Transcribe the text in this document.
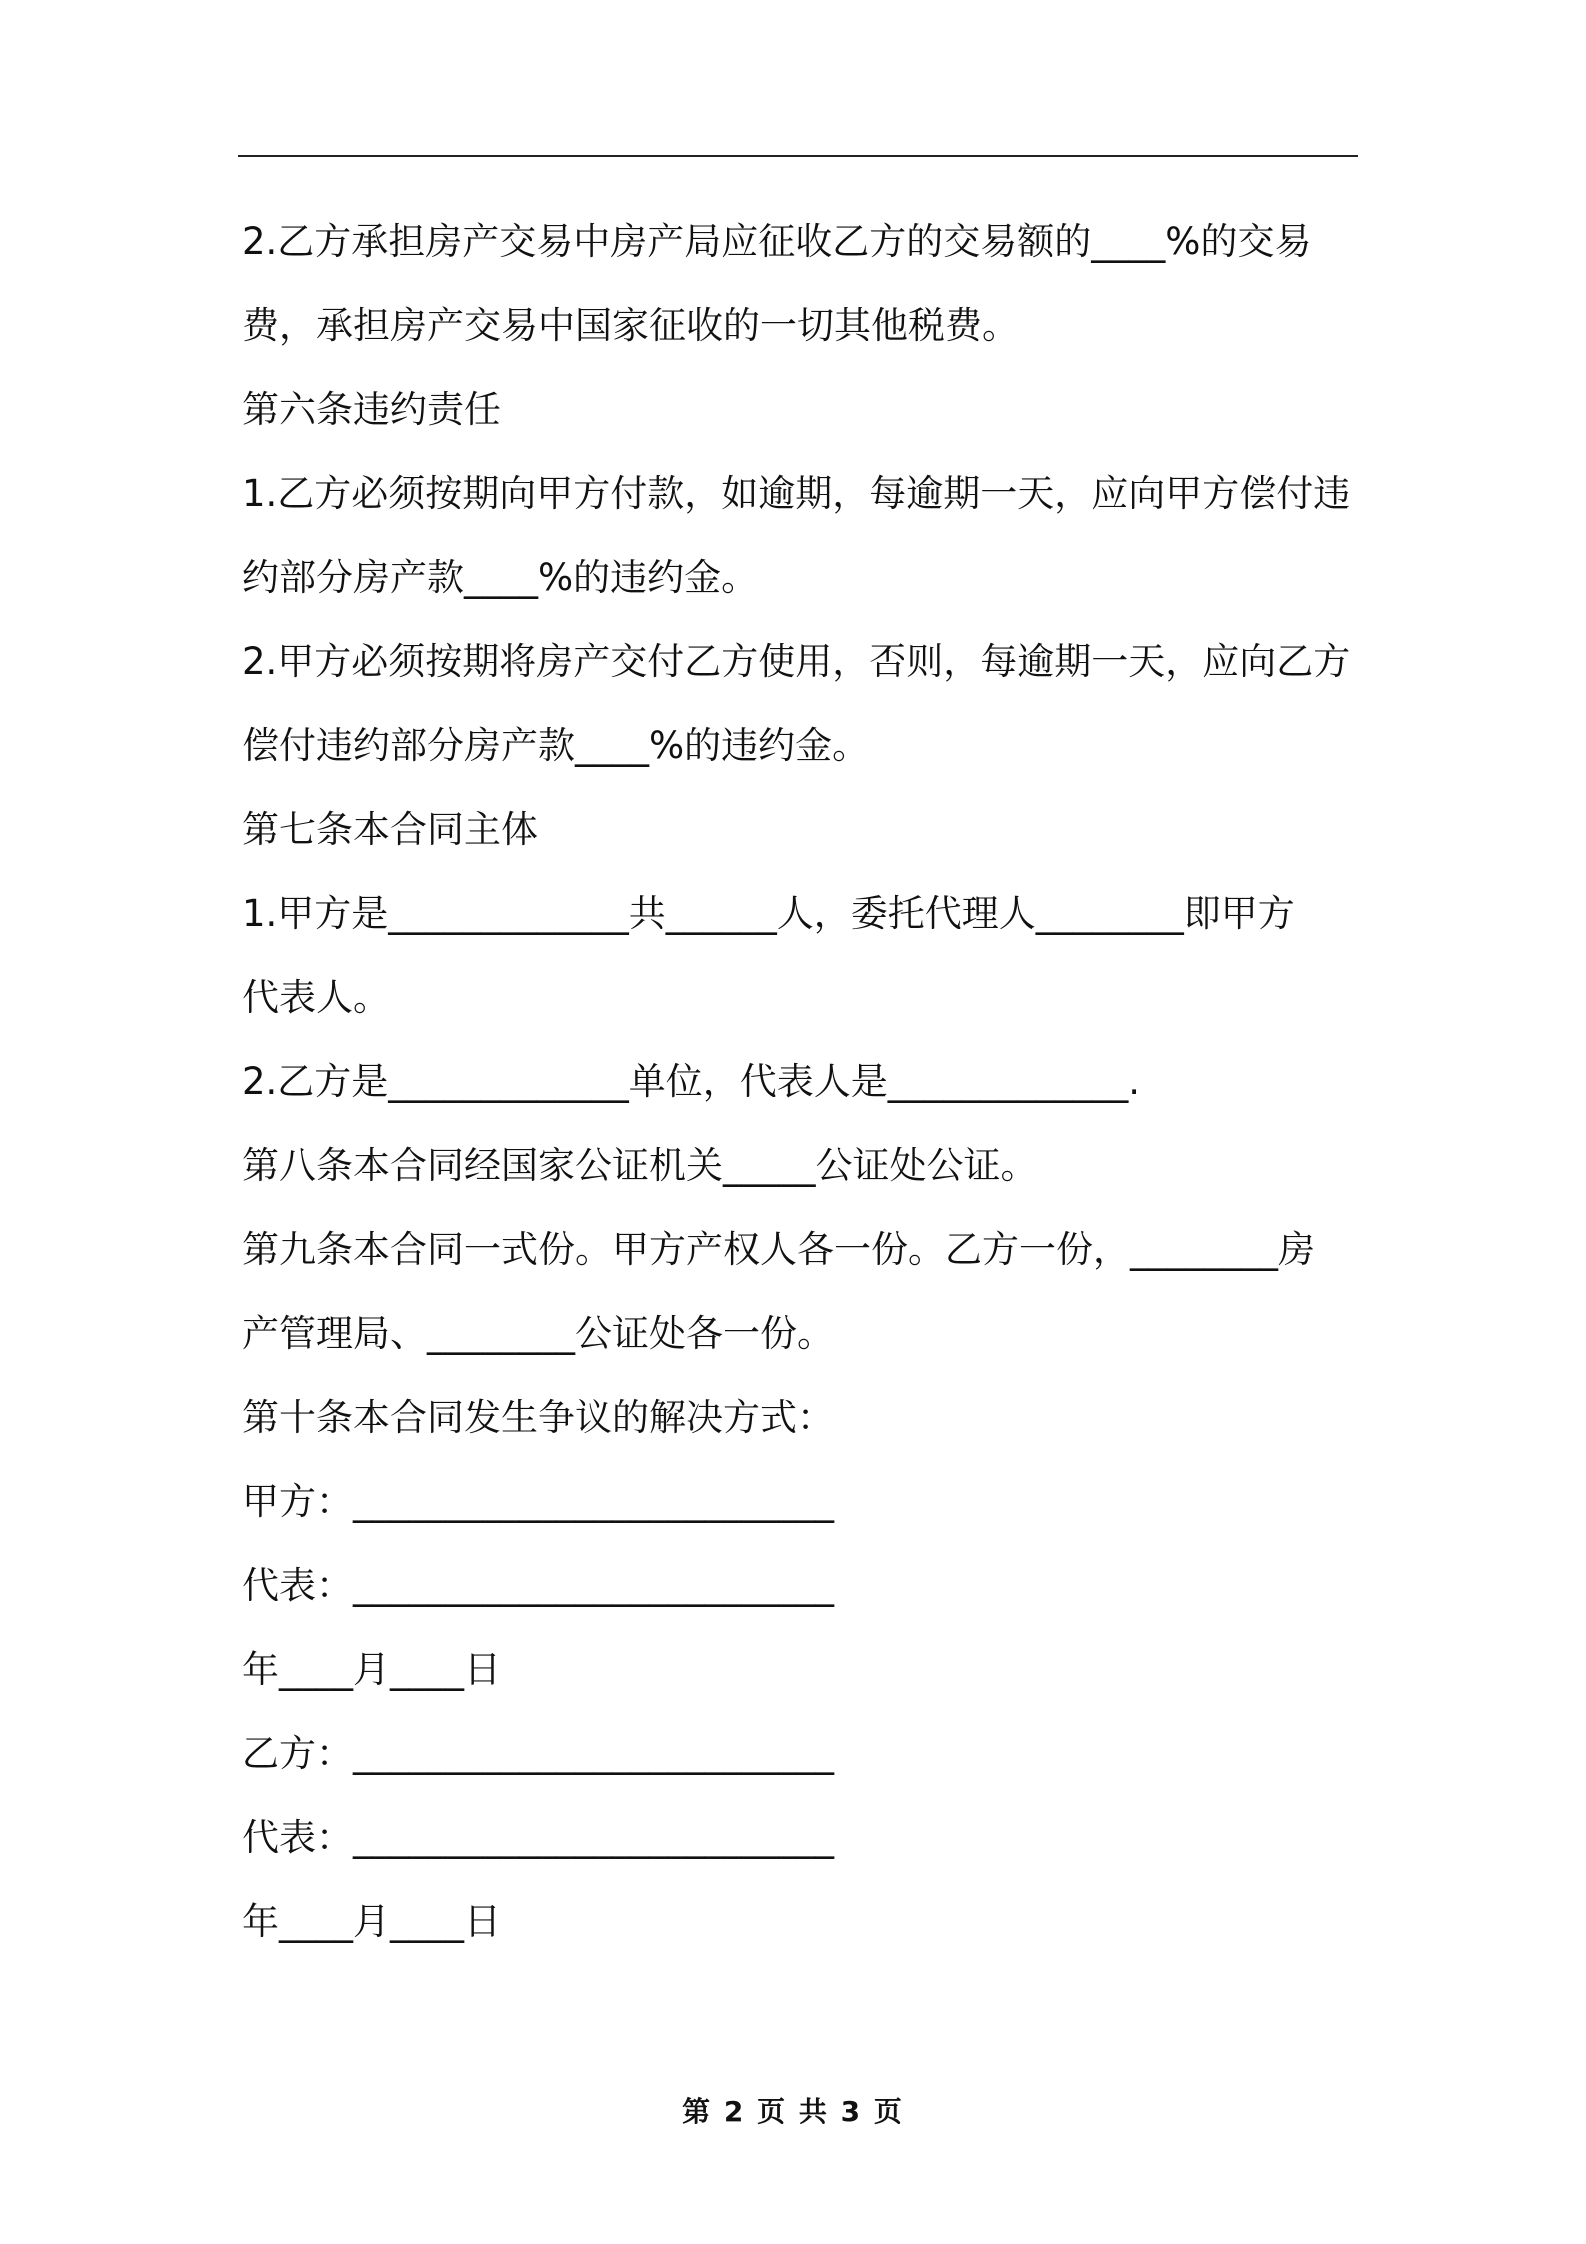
2.乙方承担房产交易中房产局应征收乙方的交易额的____%的交易
费，承担房产交易中国家征收的一切其他税费。
第六条违约责任
1.乙方必须按期向甲方付款，如逾期，每逾期一天，应向甲方偿付违
约部分房产款____%的违约金。
2.甲方必须按期将房产交付乙方使用，否则，每逾期一天，应向乙方
偿付违约部分房产款____%的违约金。
第七条本合同主体
1.甲方是_____________共______人，委托代理人________即甲方
代表人。
2.乙方是_____________单位，代表人是_____________.
第八条本合同经国家公证机关_____公证处公证。
第九条本合同一式份。甲方产权人各一份。乙方一份，________房
产管理局、________公证处各一份。
第十条本合同发生争议的解决方式：
甲方：__________________________
代表：__________________________
年____月____日
乙方：__________________________
代表：__________________________
年____月____日
第 2 页 共 3 页
